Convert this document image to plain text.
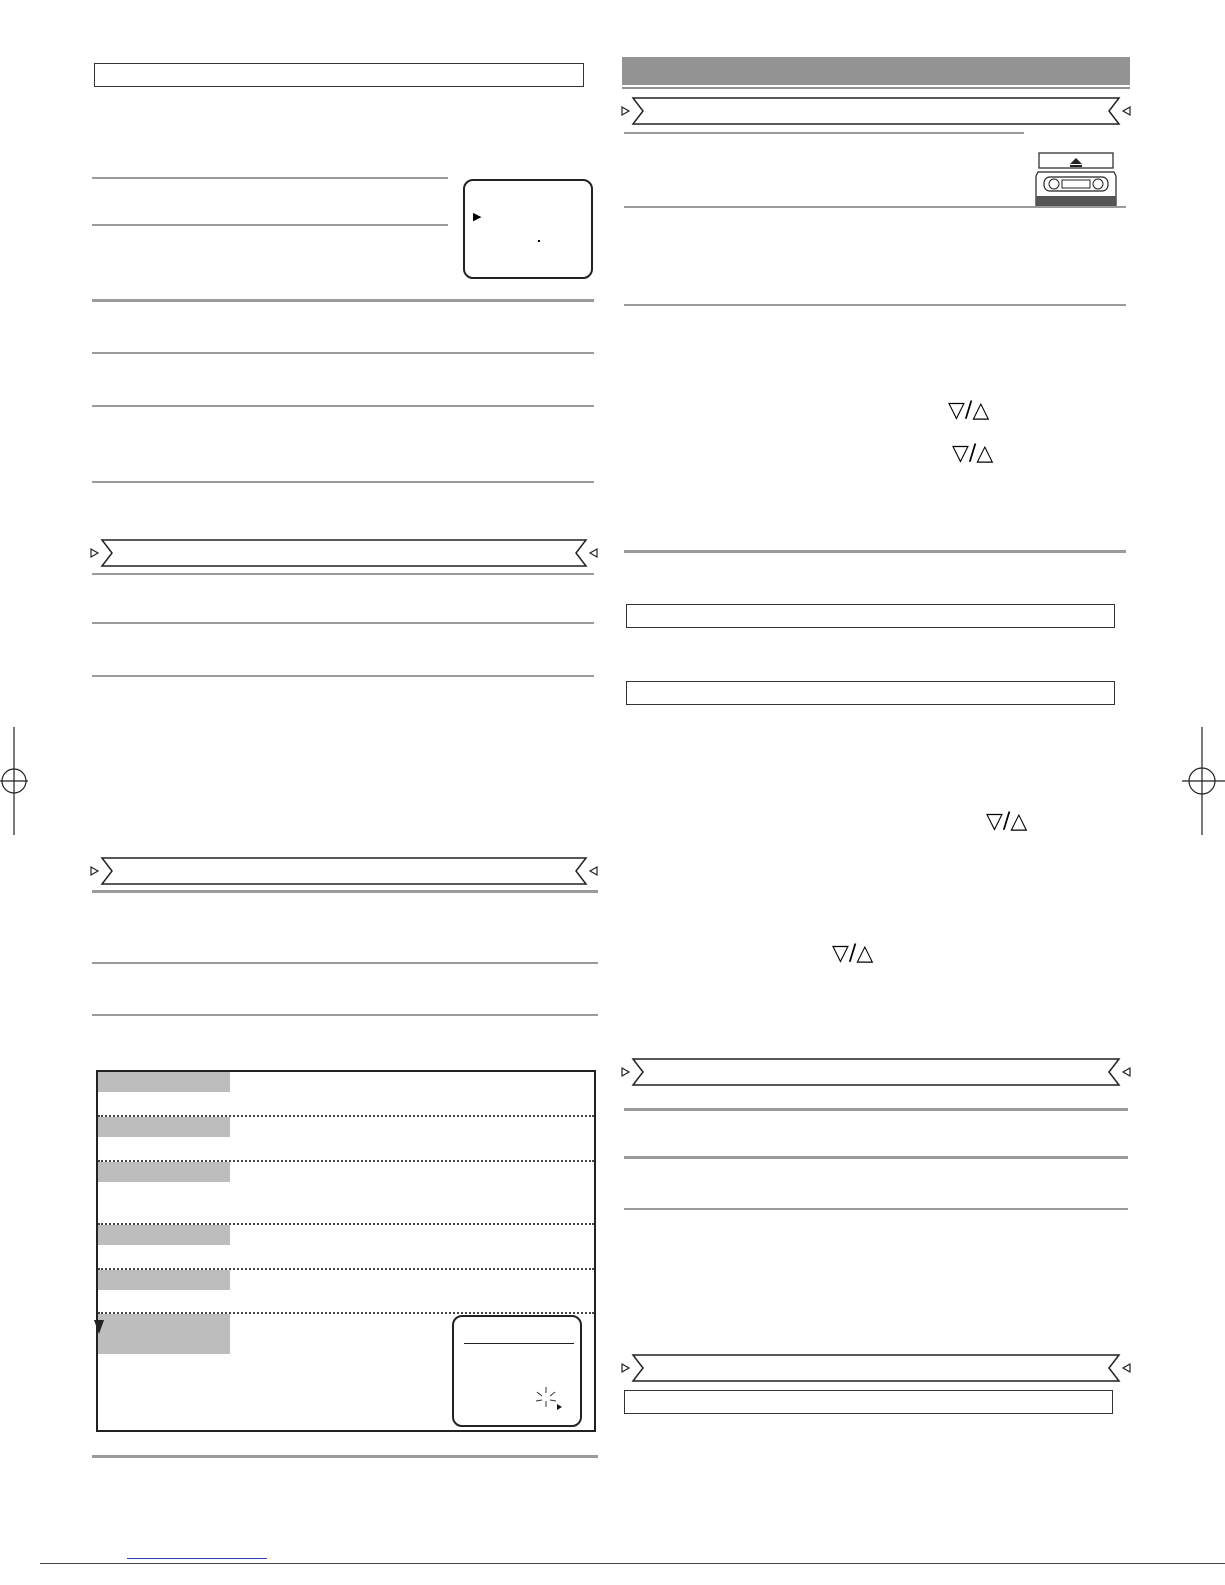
▶
▽/△
▽/△
▽/△
▽/△
